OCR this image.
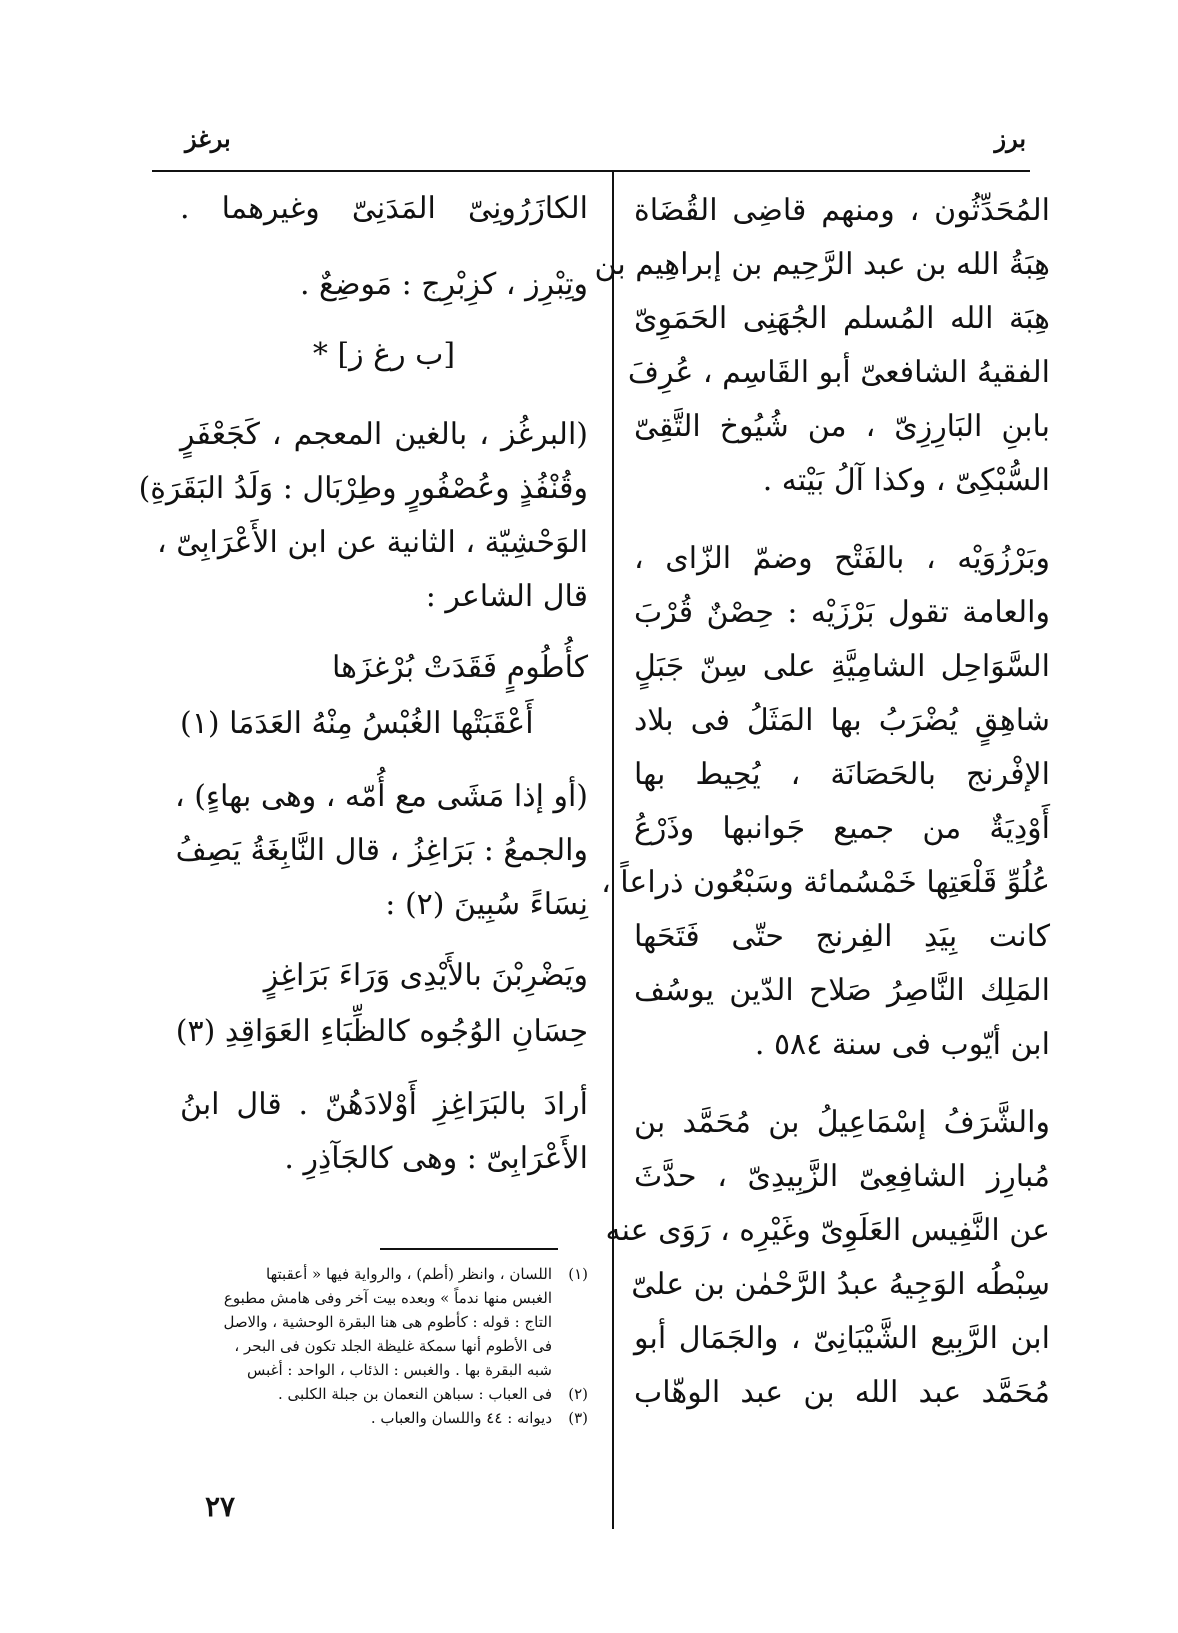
برز
برغز
المُحَدِّثُون ، ومنهم قاضِى القُضَاة
هِبَةُ الله بن عبد الرَّحِيم بن إبراهِيم بن
هِبَة الله المُسلم الجُهَنِى الحَمَوِىّ
الفقيهُ الشافعىّ أبو القَاسِم ، عُرِفَ
بابنِ البَارِزِىّ ، من شُيُوخ التَّقِىّ
السُّبْكِىّ ، وكذا آلُ بَيْته .
وبَرْزُوَيْه ، بالفَتْح وضمّ الزّاى ،
والعامة تقول بَرْزَيْه : حِصْنٌ قُرْبَ
السَّوَاحِل الشامِيَّةِ على سِنّ جَبَلٍ
شاهِقٍ يُضْرَبُ بها المَثَلُ فى بلاد
الإفْرنج بالحَصَانَة ، يُحِيط بها
أَوْدِيَةٌ من جميع جَوانبها وذَرْعُ
عُلُوِّ قَلْعَتِها خَمْسُمائة وسَبْعُون ذراعاً ،
كانت بِيَدِ الفِرنج حتّى فَتَحَها
المَلِك النَّاصِرُ صَلاح الدّين يوسُف
ابن أيّوب فى سنة ٥٨٤ .
والشَّرَفُ إسْمَاعِيلُ بن مُحَمَّد بن
مُبارِز الشافِعِىّ الزَّبِيدِىّ ، حدَّثَ
عن النَّفِيس العَلَوِىّ وغَيْرِه ، رَوَى عنه
سِبْطُه الوَجِيهُ عبدُ الرَّحْمٰن بن علىّ
ابن الرَّبِيع الشَّيْبَانِىّ ، والجَمَال أبو
مُحَمَّد عبد الله بن عبد الوهّاب
الكازَرُونِىّ المَدَنِىّ وغيرهما .
وتِبْرِز ، كزِبْرِج : مَوضِعٌ .
[ب رغ ز] *
(البرغُز ، بالغين المعجم ، كَجَعْفَرٍ
وقُنْفُذٍ وعُصْفُورٍ وطِرْبَال : وَلَدُ البَقَرَةِ)
الوَحْشِيّة ، الثانية عن ابن الأَعْرَابِىّ ،
قال الشاعر :
كأُطُومٍ فَقَدَتْ بُرْغزَها
أَعْقَبَتْها الغُبْسُ مِنْهُ العَدَمَا (١)
(أو إذا مَشَى مع أُمّه ، وهى بهاءٍ) ،
والجمعُ : بَرَاغِزُ ، قال النَّابِغَةُ يَصِفُ
نِسَاءً سُبِينَ (٢) :
ويَضْرِبْنَ بالأَيْدِى وَرَاءَ بَرَاغِزٍ
حِسَانِ الوُجُوه كالظِّبَاءِ العَوَاقِدِ (٣)
أرادَ بالبَرَاغِزِ أَوْلادَهُنّ . قال ابنُ
الأَعْرَابِىّ : وهى كالجَآذِرِ .
(١)
اللسان ، وانظر (أطم) ، والرواية فيها « أعقبتها
الغبس منها ندماً » وبعده بيت آخر وفى هامش مطبوع
التاج : قوله : كأطوم هى هنا البقرة الوحشية ، والاصل
فى الأطوم أنها سمكة غليظة الجلد تكون فى البحر ،
شبه البقرة بها . والغبس : الذئاب ، الواحد : أغبس
(٢)
فى العباب : سباهن النعمان بن جبلة الكلبى .
(٣)
ديوانه : ٤٤ واللسان والعباب .
٢٧
